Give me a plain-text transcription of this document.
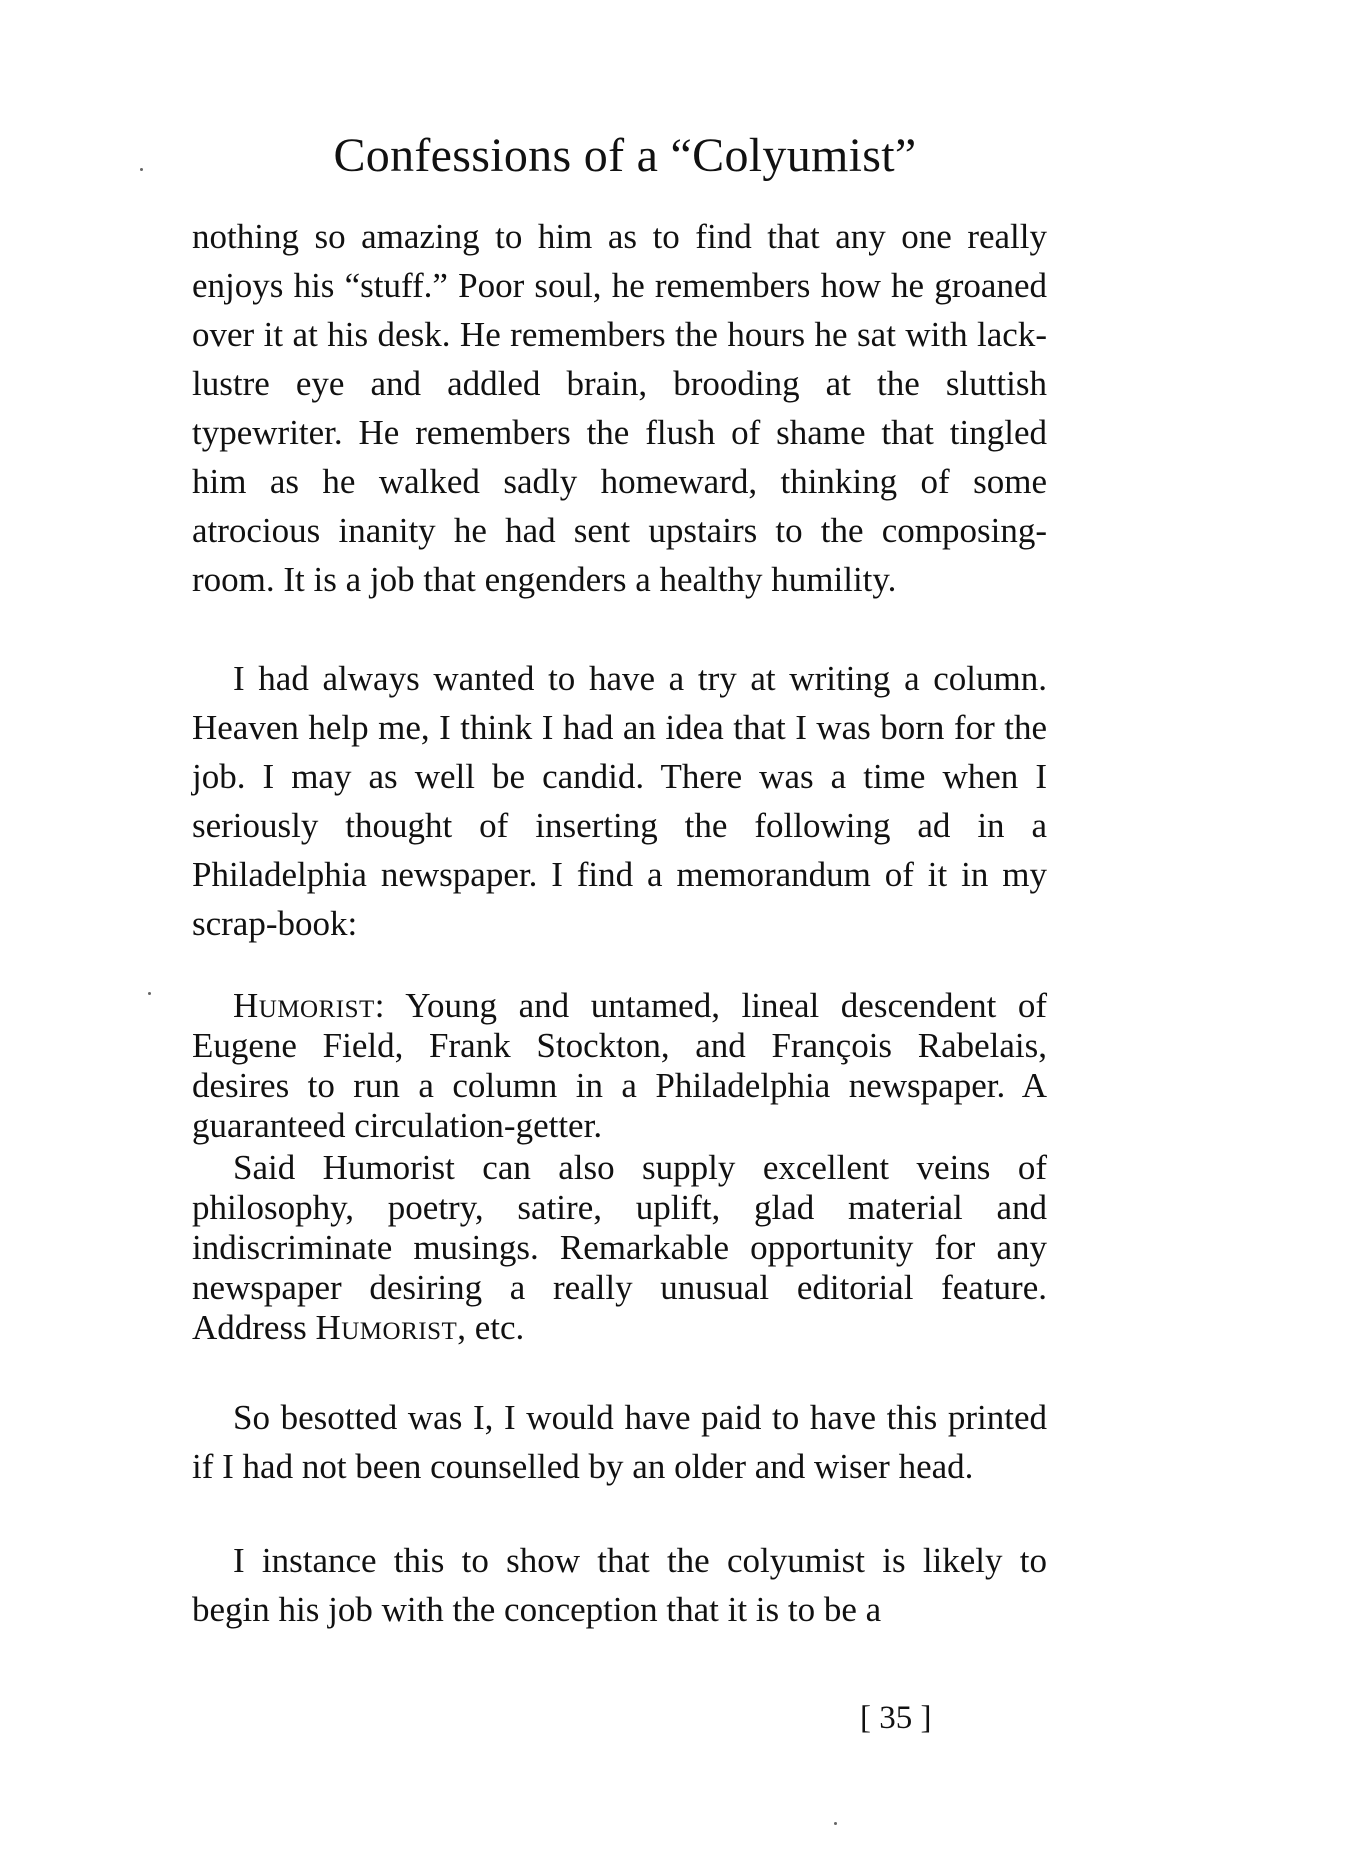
Confessions of a “Colyumist”

nothing so amazing to him as to find that any one really enjoys his “stuff.” Poor soul, he remembers how he groaned over it at his desk. He remembers the hours he sat with lack-lustre eye and addled brain, brooding at the sluttish typewriter. He remembers the flush of shame that tingled him as he walked sadly homeward, thinking of some atrocious inanity he had sent upstairs to the composing-room. It is a job that engenders a healthy humility.

I had always wanted to have a try at writing a column. Heaven help me, I think I had an idea that I was born for the job. I may as well be candid. There was a time when I seriously thought of inserting the following ad in a Philadelphia newspaper. I find a memorandum of it in my scrap-book:

Humorist: Young and untamed, lineal descendent of Eugene Field, Frank Stockton, and François Rabelais, desires to run a column in a Philadelphia newspaper. A guaranteed circulation-getter.

Said Humorist can also supply excellent veins of philosophy, poetry, satire, uplift, glad material and indiscriminate musings. Remarkable opportunity for any newspaper desiring a really unusual editorial feature. Address Humorist, etc.

So besotted was I, I would have paid to have this printed if I had not been counselled by an older and wiser head.

I instance this to show that the colyumist is likely to begin his job with the conception that it is to be a

[ 35 ]
